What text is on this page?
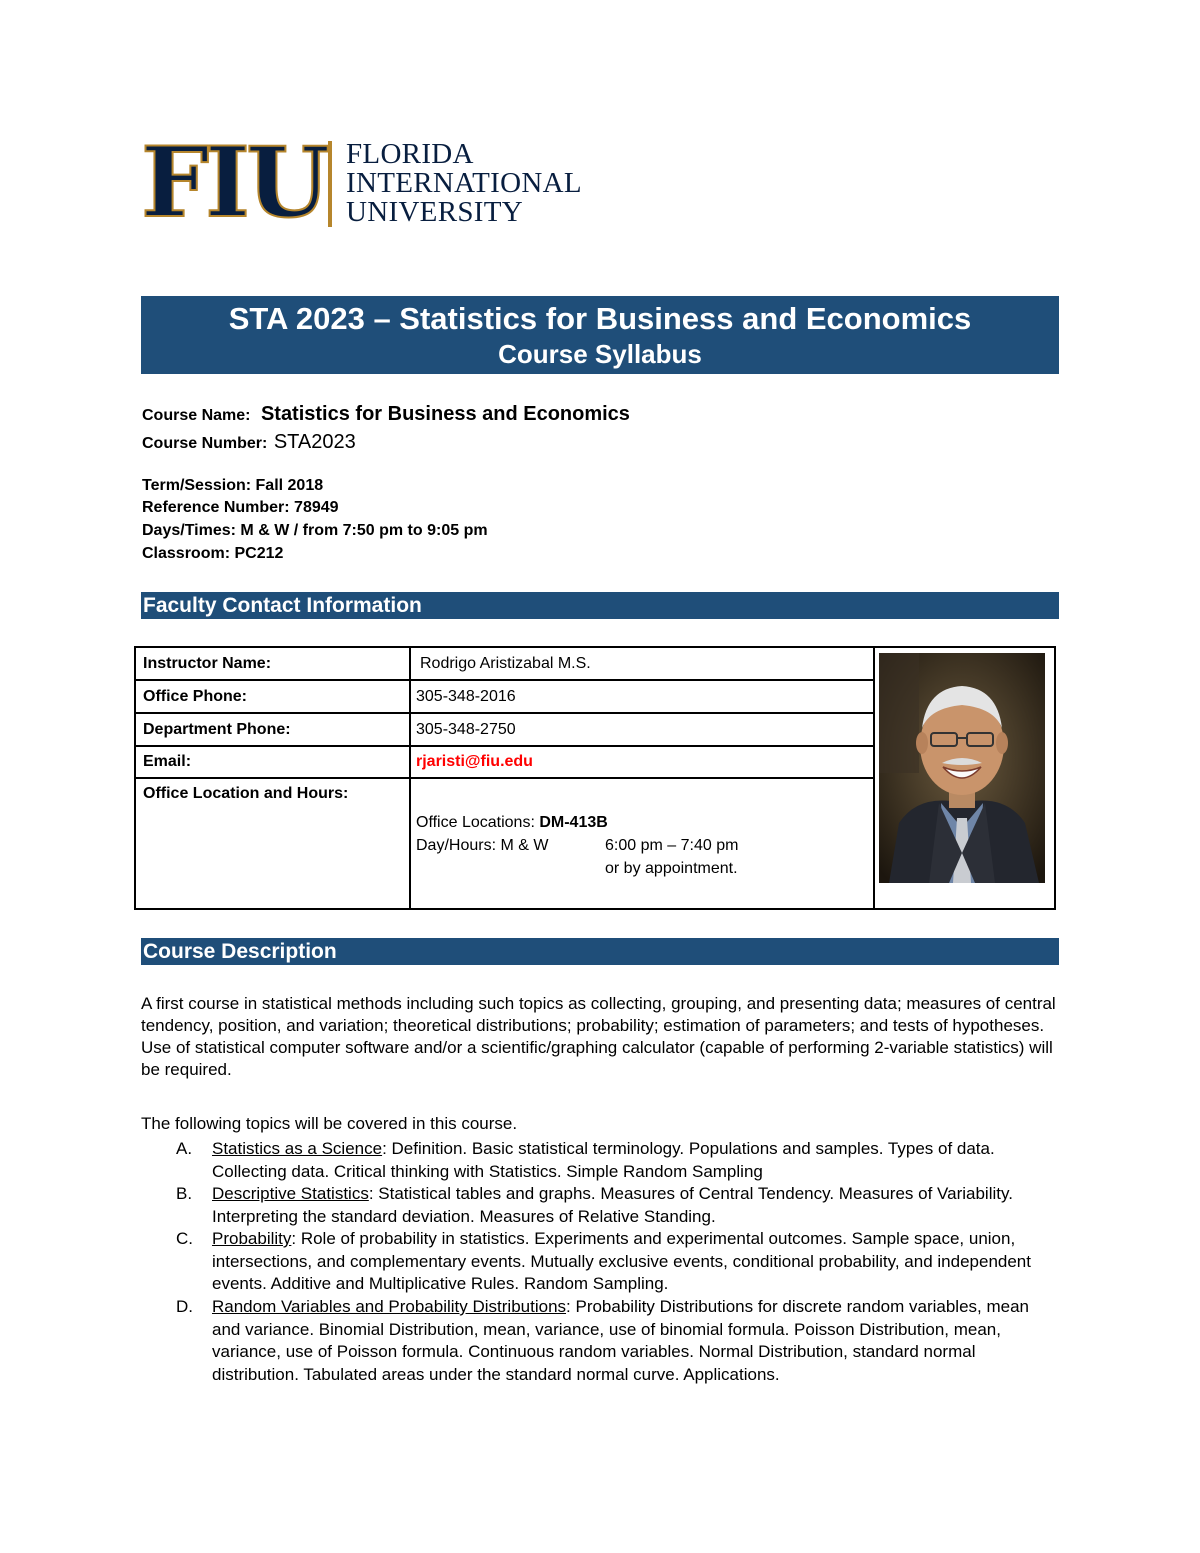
FIU FLORIDA
INTERNATIONAL
UNIVERSITY
STA 2023 – Statistics for Business and Economics
Course Syllabus
Course Name: Statistics for Business and Economics
Course Number: STA2023
Term/Session: Fall 2018
Reference Number: 78949
Days/Times: M & W / from 7:50 pm to 9:05 pm
Classroom: PC212
Faculty Contact Information
Instructor Name:	Rodrigo Aristizabal M.S.
Office Phone:	305-348-2016
Department Phone:	305-348-2750
Email:	rjaristi@fiu.edu
Office Location and Hours:
Office Locations: DM-413B
Day/Hours: M & W	6:00 pm – 7:40 pm
or by appointment.
Course Description
A first course in statistical methods including such topics as collecting, grouping, and presenting data; measures of central tendency, position, and variation; theoretical distributions; probability; estimation of parameters; and tests of hypotheses. Use of statistical computer software and/or a scientific/graphing calculator (capable of performing 2-variable statistics) will be required.
The following topics will be covered in this course.
A. Statistics as a Science: Definition. Basic statistical terminology. Populations and samples. Types of data. Collecting data. Critical thinking with Statistics. Simple Random Sampling
B. Descriptive Statistics: Statistical tables and graphs. Measures of Central Tendency. Measures of Variability. Interpreting the standard deviation. Measures of Relative Standing.
C. Probability: Role of probability in statistics. Experiments and experimental outcomes. Sample space, union, intersections, and complementary events. Mutually exclusive events, conditional probability, and independent events. Additive and Multiplicative Rules. Random Sampling.
D. Random Variables and Probability Distributions: Probability Distributions for discrete random variables, mean and variance. Binomial Distribution, mean, variance, use of binomial formula. Poisson Distribution, mean, variance, use of Poisson formula. Continuous random variables. Normal Distribution, standard normal distribution. Tabulated areas under the standard normal curve. Applications.
